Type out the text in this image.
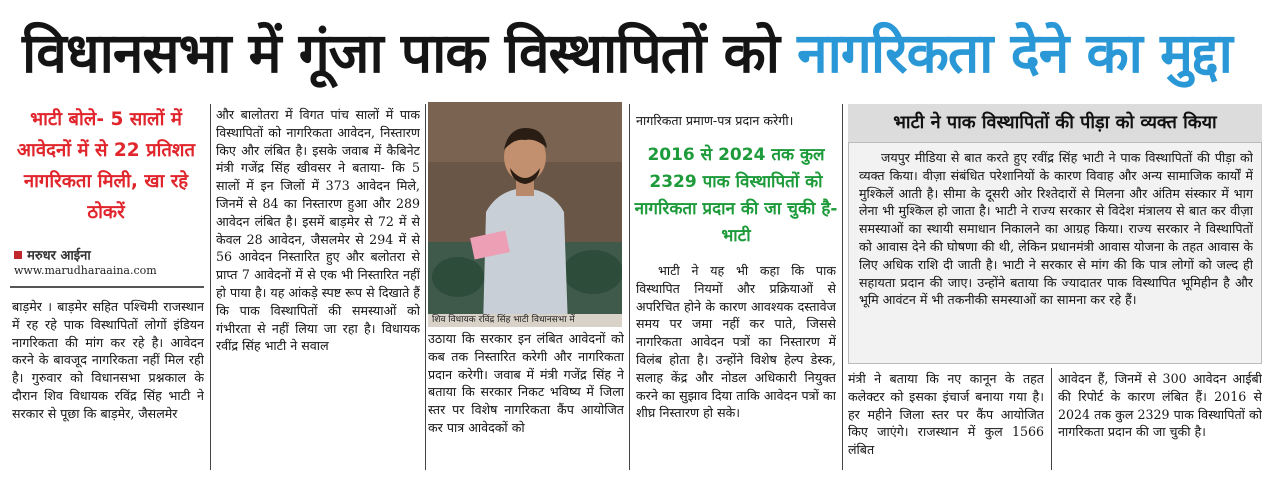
विधानसभा में गूंजा पाक विस्थापितों को नागरिकता देने का मुद्दा
भाटी बोले- 5 सालों में आवेदनों में से 22 प्रतिशत नागरिकता मिली, खा रहे ठोकरें
मरुधर आईना
www.marudharaaina.com
बाड़मेर । बाड़मेर सहित पश्चिमी राजस्थान में रह रहे पाक विस्थापितों लोगों इंडियन नागरिकता की मांग कर रहे है। आवेदन करने के बावजूद नागरिकता नहीं मिल रही है। गुरुवार को विधानसभा प्रश्नकाल के दौरान शिव विधायक रविंद्र सिंह भाटी ने सरकार से पूछा कि बाड़मेर, जैसलमेर
और बालोतरा में विगत पांच सालों में पाक विस्थापितों को नागरिकता आवेदन, निस्तारण किए और लंबित है। इसके जवाब में कैबिनेट मंत्री गजेंद्र सिंह खीवसर ने बताया- कि 5 सालों में इन जिलों में 373 आवेदन मिले, जिनमें से 84 का निस्तारण हुआ और 289 आवेदन लंबित है। इसमें बाड़मेर से 72 में से केवल 28 आवेदन, जैसलमेर से 294 में से 56 आवेदन निस्तारित हुए और बलोतरा से प्राप्त 7 आवेदनों में से एक भी निस्तारित नहीं हो पाया है। यह आंकड़े स्पष्ट रूप से दिखाते हैं कि पाक विस्थापितों की समस्याओं को गंभीरता से नहीं लिया जा रहा है। विधायक रवींद्र सिंह भाटी ने सवाल
शिव विधायक रविंद्र सिंह भाटी विधानसभा में
उठाया कि सरकार इन लंबित आवेदनों को कब तक निस्तारित करेगी और नागरिकता प्रदान करेगी। जवाब में मंत्री गजेंद्र सिंह ने बताया कि सरकार निकट भविष्य में जिला स्तर पर विशेष नागरिकता कैंप आयोजित कर पात्र आवेदकों को
नागरिकता प्रमाण-पत्र प्रदान करेगी।
2016 से 2024 तक कुल 2329 पाक विस्थापितों को नागरिकता प्रदान की जा चुकी है- भाटी
भाटी ने यह भी कहा कि पाक विस्थापित नियमों और प्रक्रियाओं से अपरिचित होने के कारण आवश्यक दस्तावेज समय पर जमा नहीं कर पाते, जिससे नागरिकता आवेदन पत्रों का निस्तारण में विलंब होता है। उन्होंने विशेष हेल्प डेस्क, सलाह केंद्र और नोडल अधिकारी नियुक्त करने का सुझाव दिया ताकि आवेदन पत्रों का शीघ्र निस्तारण हो सके।
भाटी ने पाक विस्थापितों की पीड़ा को व्यक्त किया
जयपुर मीडिया से बात करते हुए रवींद्र सिंह भाटी ने पाक विस्थापितों की पीड़ा को व्यक्त किया। वीज़ा संबंधित परेशानियों के कारण विवाह और अन्य सामाजिक कार्यों में मुश्किलें आती है। सीमा के दूसरी ओर रिश्तेदारों से मिलना और अंतिम संस्कार में भाग लेना भी मुश्किल हो जाता है। भाटी ने राज्य सरकार से विदेश मंत्रालय से बात कर वीज़ा समस्याओं का स्थायी समाधान निकालने का आग्रह किया। राज्य सरकार ने विस्थापितों को आवास देने की घोषणा की थी, लेकिन प्रधानमंत्री आवास योजना के तहत आवास के लिए अधिक राशि दी जाती है। भाटी ने सरकार से मांग की कि पात्र लोगों को जल्द ही सहायता प्रदान की जाए। उन्होंने बताया कि ज्यादातर पाक विस्थापित भूमिहीन है और भूमि आवंटन में भी तकनीकी समस्याओं का सामना कर रहे हैं।
मंत्री ने बताया कि नए कानून के तहत कलेक्टर को इसका इंचार्ज बनाया गया है। हर महीने जिला स्तर पर कैंप आयोजित किए जाएंगे। राजस्थान में कुल 1566 लंबित
आवेदन हैं, जिनमें से 300 आवेदन आईबी की रिपोर्ट के कारण लंबित हैं। 2016 से 2024 तक कुल 2329 पाक विस्थापितों को नागरिकता प्रदान की जा चुकी है।
